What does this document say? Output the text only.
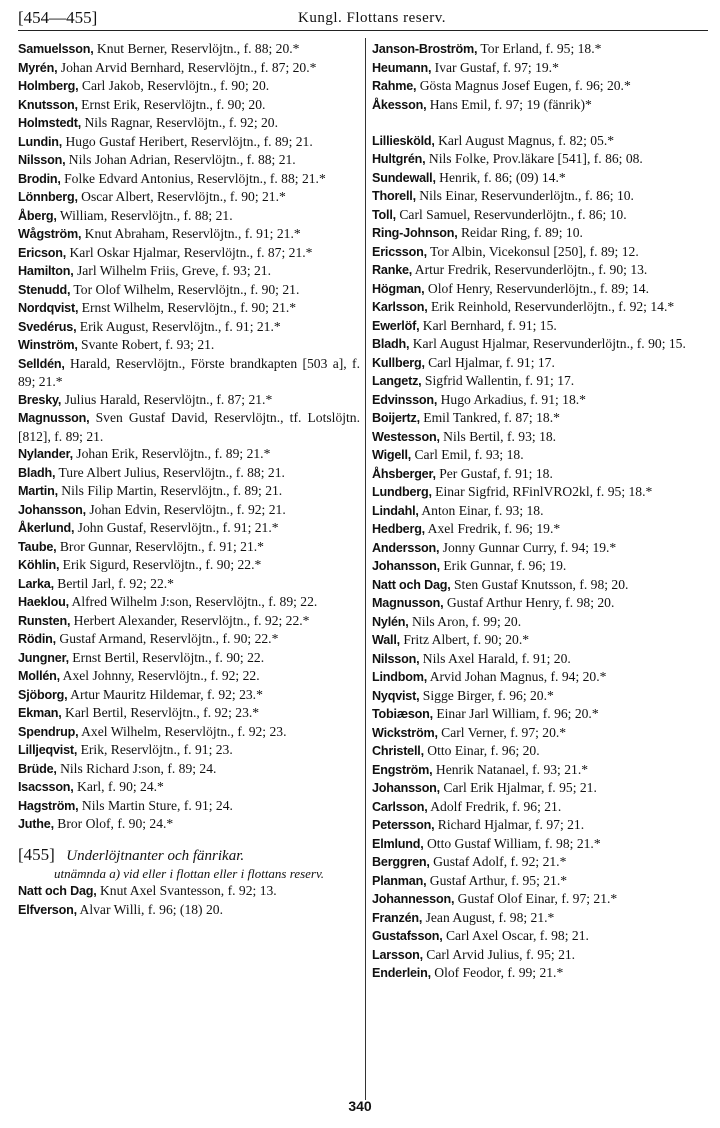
[454—455]	Kungl. Flottans reserv.

Samuelsson, Knut Berner, Reservlöjtn., f. 88; 20.*

Myrén, Johan Arvid Bernhard, Reservlöjtn., f. 87; 20.*

Holmberg, Carl Jakob, Reservlöjtn., f. 90; 20.

Knutsson, Ernst Erik, Reservlöjtn., f. 90; 20.

Holmstedt, Nils Ragnar, Reservlöjtn., f. 92; 20.

Lundin, Hugo Gustaf Heribert, Reservlöjtn., f. 89; 21.

Nilsson, Nils Johan Adrian, Reservlöjtn., f. 88; 21.

Brodin, Folke Edvard Antonius, Reservlöjtn., f. 88; 21.*

Lönnberg, Oscar Albert, Reservlöjtn., f. 90; 21.*

Åberg, William, Reservlöjtn., f. 88; 21.

Wågström, Knut Abraham, Reservlöjtn., f. 91; 21.*

Ericson, Karl Oskar Hjalmar, Reservlöjtn., f. 87; 21.*

Hamilton, Jarl Wilhelm Friis, Greve, f. 93; 21.

Stenudd, Tor Olof Wilhelm, Reservlöjtn., f. 90; 21.

Nordqvist, Ernst Wilhelm, Reservlöjtn., f. 90; 21.*

Svedérus, Erik August, Reservlöjtn., f. 91; 21.*

Winström, Svante Robert, f. 93; 21.

Selldén, Harald, Reservlöjtn., Förste brandkapten [503 a], f. 89; 21.*

Bresky, Julius Harald, Reservlöjtn., f. 87; 21.*

Magnusson, Sven Gustaf David, Reservlöjtn., tf. Lotslöjtn. [812], f. 89; 21.

Nylander, Johan Erik, Reservlöjtn., f. 89; 21.*

Bladh, Ture Albert Julius, Reservlöjtn., f. 88; 21.

Martin, Nils Filip Martin, Reservlöjtn., f. 89; 21.

Johansson, Johan Edvin, Reservlöjtn., f. 92; 21.

Åkerlund, John Gustaf, Reservlöjtn., f. 91; 21.*

Taube, Bror Gunnar, Reservlöjtn., f. 91; 21.*

Köhlin, Erik Sigurd, Reservlöjtn., f. 90; 22.*

Larka, Bertil Jarl, f. 92; 22.*

Haeklou, Alfred Wilhelm J:son, Reservlöjtn., f. 89; 22.

Runsten, Herbert Alexander, Reservlöjtn., f. 92; 22.*

Rödin, Gustaf Armand, Reservlöjtn., f. 90; 22.*

Jungner, Ernst Bertil, Reservlöjtn., f. 90; 22.

Mollén, Axel Johnny, Reservlöjtn., f. 92; 22.

Sjöborg, Artur Mauritz Hildemar, f. 92; 23.*

Ekman, Karl Bertil, Reservlöjtn., f. 92; 23.*

Spendrup, Axel Wilhelm, Reservlöjtn., f. 92; 23.

Lilljeqvist, Erik, Reservlöjtn., f. 91; 23.

Brüde, Nils Richard J:son, f. 89; 24.

Isacsson, Karl, f. 90; 24.*

Hagström, Nils Martin Sture, f. 91; 24.

Juthe, Bror Olof, f. 90; 24.*

[455] Underlöjtnanter och fänrikar.
utnämnda a) vid eller i flottan eller i flottans reserv.

Natt och Dag, Knut Axel Svantesson, f. 92; 13.

Elfverson, Alvar Willi, f. 96; (18) 20.

Janson-Broström, Tor Erland, f. 95; 18.*

Heumann, Ivar Gustaf, f. 97; 19.*

Rahme, Gösta Magnus Josef Eugen, f. 96; 20.*

Åkesson, Hans Emil, f. 97; 19 (fänrik)*

Lilliesköld, Karl August Magnus, f. 82; 05.*

Hultgrén, Nils Folke, Prov.läkare [541], f. 86; 08.

Sundewall, Henrik, f. 86; (09) 14.*

Thorell, Nils Einar, Reservunderlöjtn., f. 86; 10.

Toll, Carl Samuel, Reservunderlöjtn., f. 86; 10.

Ring-Johnson, Reidar Ring, f. 89; 10.

Ericsson, Tor Albin, Vicekonsul [250], f. 89; 12.

Ranke, Artur Fredrik, Reservunderlöjtn., f. 90; 13.

Högman, Olof Henry, Reservunderlöjtn., f. 89; 14.

Karlsson, Erik Reinhold, Reservunderlöjtn., f. 92; 14.*

Ewerlöf, Karl Bernhard, f. 91; 15.

Bladh, Karl August Hjalmar, Reservunderlöjtn., f. 90; 15.

Kullberg, Carl Hjalmar, f. 91; 17.

Langetz, Sigfrid Wallentin, f. 91; 17.

Edvinsson, Hugo Arkadius, f. 91; 18.*

Boijertz, Emil Tankred, f. 87; 18.*

Westesson, Nils Bertil, f. 93; 18.

Wigell, Carl Emil, f. 93; 18.

Åhsberger, Per Gustaf, f. 91; 18.

Lundberg, Einar Sigfrid, RFinlVRO2kl, f. 95; 18.*

Lindahl, Anton Einar, f. 93; 18.

Hedberg, Axel Fredrik, f. 96; 19.*

Andersson, Jonny Gunnar Curry, f. 94; 19.*

Johansson, Erik Gunnar, f. 96; 19.

Natt och Dag, Sten Gustaf Knutsson, f. 98; 20.

Magnusson, Gustaf Arthur Henry, f. 98; 20.

Nylén, Nils Aron, f. 99; 20.

Wall, Fritz Albert, f. 90; 20.*

Nilsson, Nils Axel Harald, f. 91; 20.

Lindbom, Arvid Johan Magnus, f. 94; 20.*

Nyqvist, Sigge Birger, f. 96; 20.*

Tobiæson, Einar Jarl William, f. 96; 20.*

Wickström, Carl Verner, f. 97; 20.*

Christell, Otto Einar, f. 96; 20.

Engström, Henrik Natanael, f. 93; 21.*

Johansson, Carl Erik Hjalmar, f. 95; 21.

Carlsson, Adolf Fredrik, f. 96; 21.

Petersson, Richard Hjalmar, f. 97; 21.

Elmlund, Otto Gustaf William, f. 98; 21.*

Berggren, Gustaf Adolf, f. 92; 21.*

Planman, Gustaf Arthur, f. 95; 21.*

Johannesson, Gustaf Olof Einar, f. 97; 21.*

Franzén, Jean August, f. 98; 21.*

Gustafsson, Carl Axel Oscar, f. 98; 21.

Larsson, Carl Arvid Julius, f. 95; 21.

Enderlein, Olof Feodor, f. 99; 21.*

340
